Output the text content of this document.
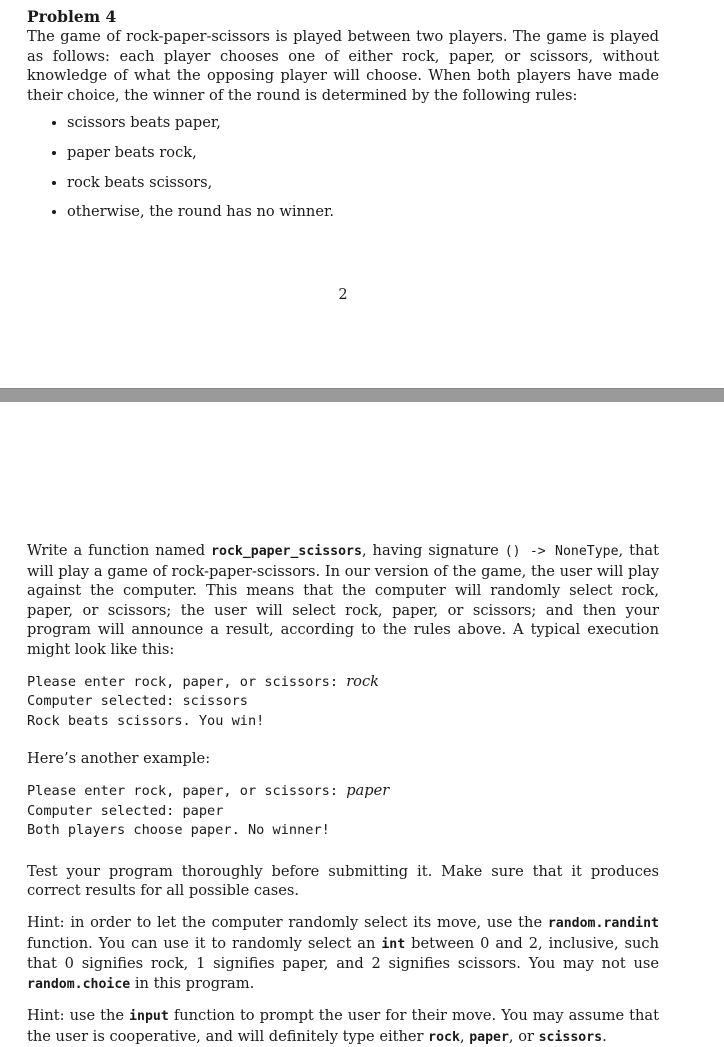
Problem 4

The game of rock-paper-scissors is played between two players. The game is played as follows: each player chooses one of either rock, paper, or scissors, without knowledge of what the opposing player will choose. When both players have made their choice, the winner of the round is determined by the following rules:

• scissors beats paper,
• paper beats rock,
• rock beats scissors,
• otherwise, the round has no winner.
2

Write a function named rock_paper_scissors, having signature () -> NoneType, that will play a game of rock-paper-scissors. In our version of the game, the user will play against the computer. This means that the computer will randomly select rock, paper, or scissors; the user will select rock, paper, or scissors; and then your program will announce a result, according to the rules above. A typical execution might look like this:

Please enter rock, paper, or scissors: rock
Computer selected: scissors
Rock beats scissors. You win!

Here’s another example:

Please enter rock, paper, or scissors: paper
Computer selected: paper
Both players choose paper. No winner!

Test your program thoroughly before submitting it. Make sure that it produces correct results for all possible cases.

Hint: in order to let the computer randomly select its move, use the random.randint function. You can use it to randomly select an int between 0 and 2, inclusive, such that 0 signifies rock, 1 signifies paper, and 2 signifies scissors. You may not use random.choice in this program.

Hint: use the input function to prompt the user for their move. You may assume that the user is cooperative, and will definitely type either rock, paper, or scissors.
